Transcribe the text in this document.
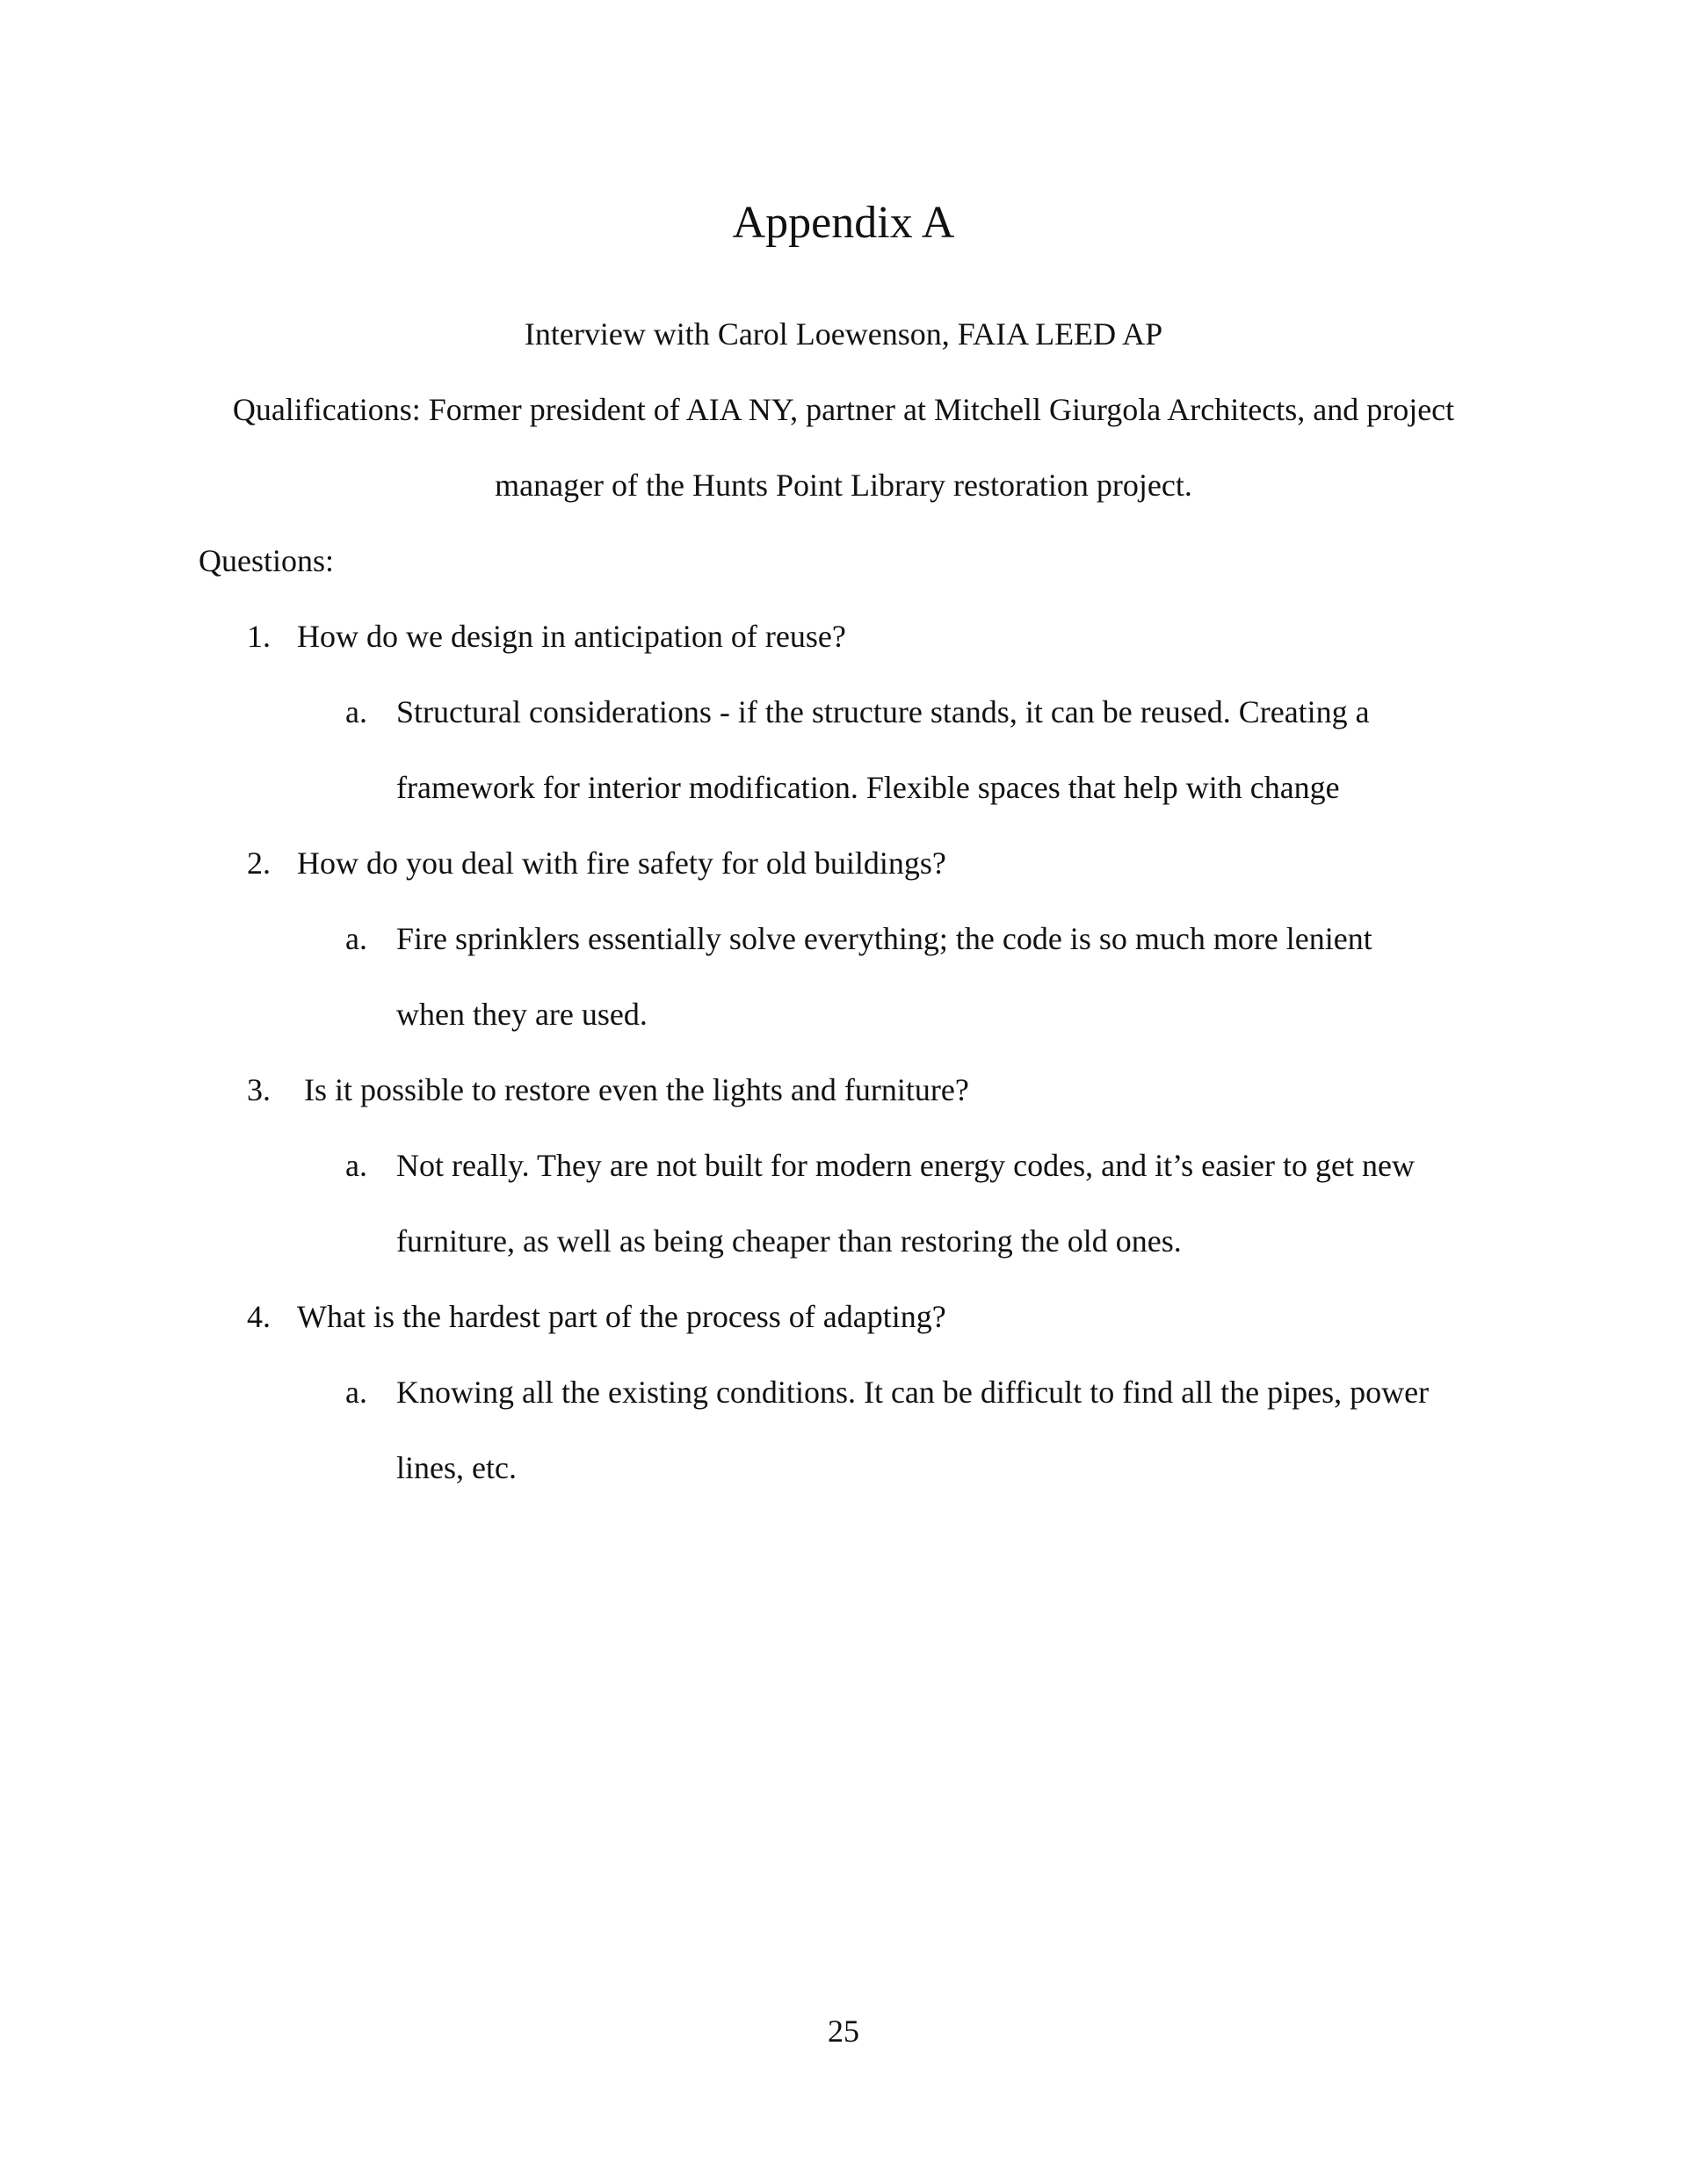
Appendix A
Interview with Carol Loewenson, FAIA LEED AP
Qualifications: Former president of AIA NY, partner at Mitchell Giurgola Architects, and project
manager of the Hunts Point Library restoration project.
Questions:
1. How do we design in anticipation of reuse?
a. Structural considerations - if the structure stands, it can be reused. Creating a
framework for interior modification. Flexible spaces that help with change
2. How do you deal with fire safety for old buildings?
a. Fire sprinklers essentially solve everything; the code is so much more lenient
when they are used.
3. Is it possible to restore even the lights and furniture?
a. Not really. They are not built for modern energy codes, and it’s easier to get new
furniture, as well as being cheaper than restoring the old ones.
4. What is the hardest part of the process of adapting?
a. Knowing all the existing conditions. It can be difficult to find all the pipes, power
lines, etc.
25
